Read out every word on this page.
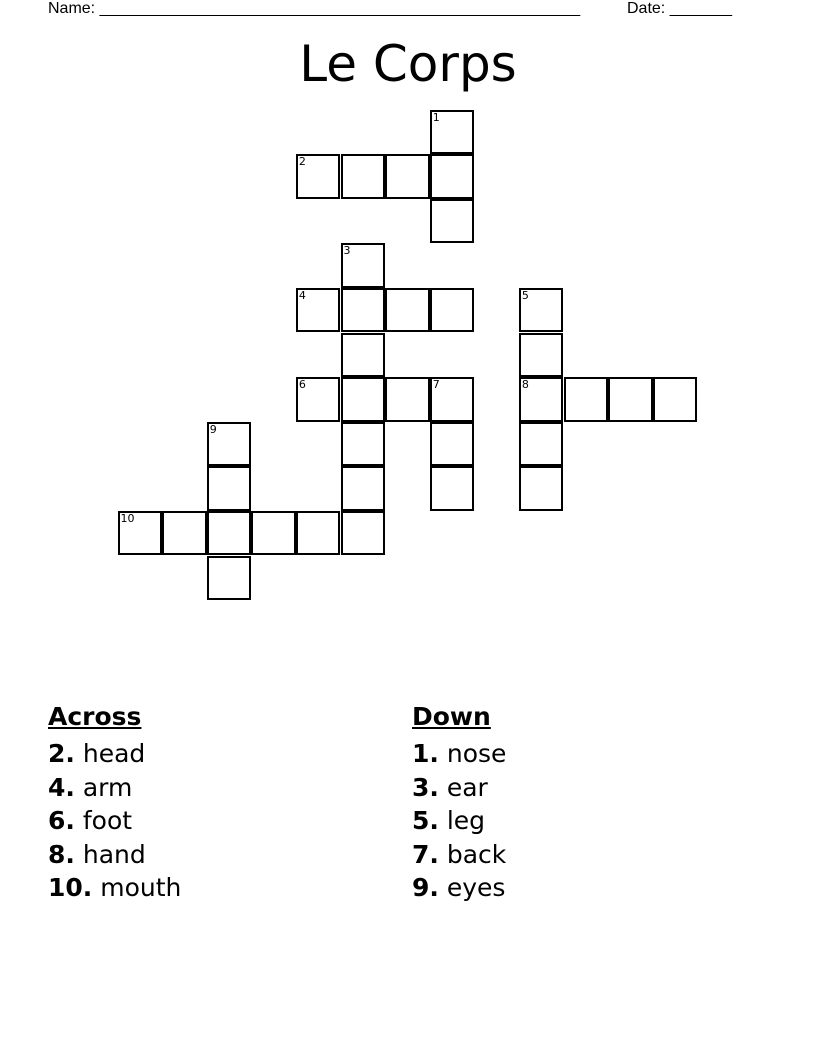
Name: ______________________________________________________	Date: _______
Le Corps
1
2
3
4	5
6	7	8
9
10
Across
2. head
4. arm
6. foot
8. hand
10. mouth
Down
1. nose
3. ear
5. leg
7. back
9. eyes
